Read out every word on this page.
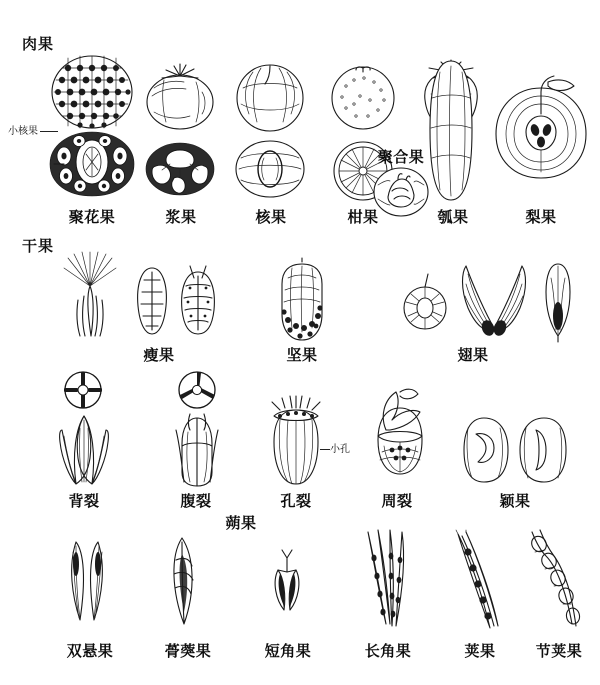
肉果
干果
小核果
小孔
聚花果	浆果	核果	柑果
聚合果
瓠果	梨果
瘦果	坚果	翅果
背裂	腹裂	孔裂	周裂
蒴果
颖果
双悬果	蓇葖果	短角果	长角果	荚果	节荚果
